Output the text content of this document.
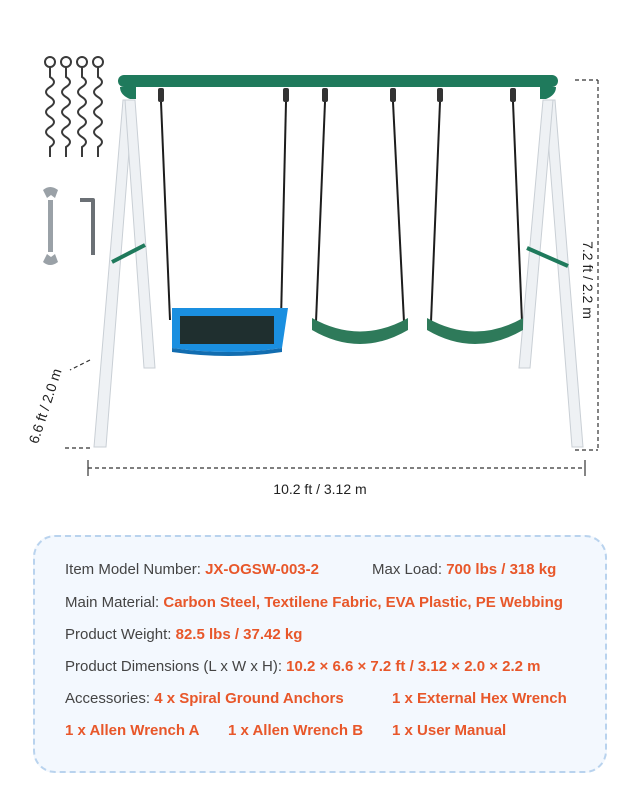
10.2 ft / 3.12 m
7.2 ft / 2.2 m
6.6 ft / 2.0 m
Item Model Number: JX-OGSW-003-2	Max Load: 700 lbs / 318 kg
Main Material: Carbon Steel, Textilene Fabric, EVA Plastic, PE Webbing
Product Weight: 82.5 lbs / 37.42 kg
Product Dimensions (L x W x H): 10.2 × 6.6 × 7.2 ft / 3.12 × 2.0 × 2.2 m
Accessories: 4 x Spiral Ground Anchors	1 x External Hex Wrench
1 x Allen Wrench A 1 x Allen Wrench B 1 x User Manual
